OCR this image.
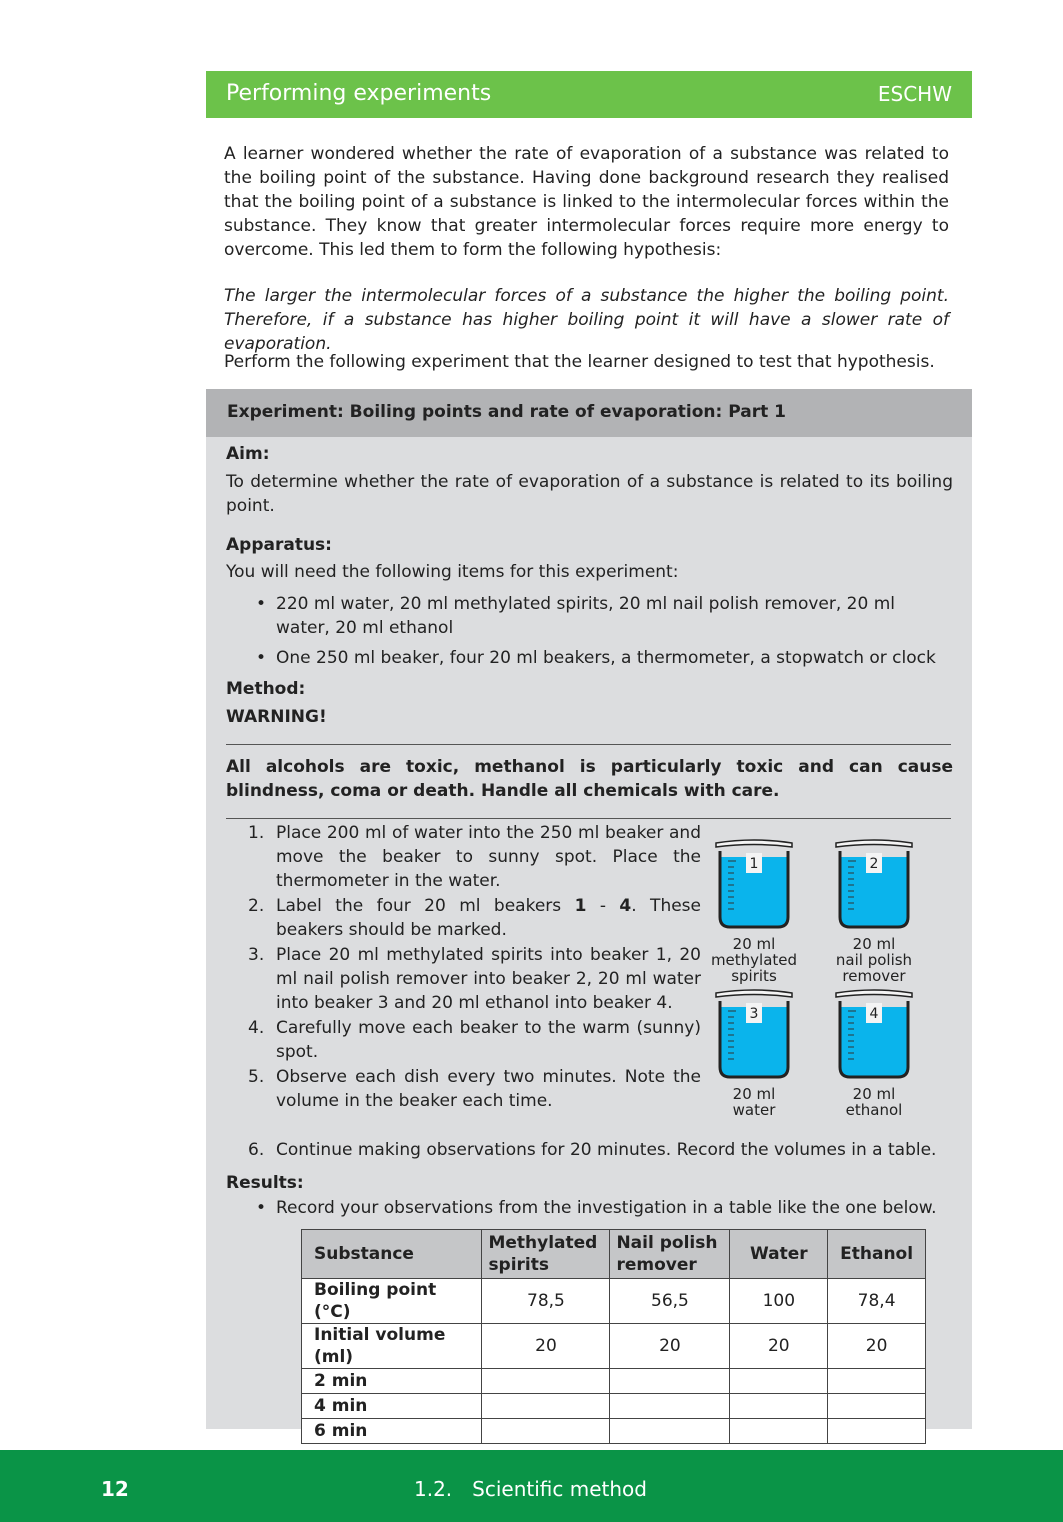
Performing experiments	ESCHW

A learner wondered whether the rate of evaporation of a substance was related to the boiling point of the substance. Having done background research they realised that the boiling point of a substance is linked to the intermolecular forces within the substance. They know that greater intermolecular forces require more energy to overcome. This led them to form the following hypothesis:

The larger the intermolecular forces of a substance the higher the boiling point. Therefore, if a substance has higher boiling point it will have a slower rate of evaporation.

Perform the following experiment that the learner designed to test that hypothesis.

Experiment: Boiling points and rate of evaporation: Part 1

Aim:

To determine whether the rate of evaporation of a substance is related to its boiling point.

Apparatus:

You will need the following items for this experiment:

• 220 ml water, 20 ml methylated spirits, 20 ml nail polish remover, 20 ml water, 20 ml ethanol
• One 250 ml beaker, four 20 ml beakers, a thermometer, a stopwatch or clock

Method:

WARNING!

All alcohols are toxic, methanol is particularly toxic and can cause blindness, coma or death. Handle all chemicals with care.

1. Place 200 ml of water into the 250 ml beaker and move the beaker to sunny spot. Place the thermometer in the water.
2. Label the four 20 ml beakers 1 - 4. These beakers should be marked.
3. Place 20 ml methylated spirits into beaker 1, 20 ml nail polish remover into beaker 2, 20 ml water into beaker 3 and 20 ml ethanol into beaker 4.
4. Carefully move each beaker to the warm (sunny) spot.
5. Observe each dish every two minutes. Note the volume in the beaker each time.
6. Continue making observations for 20 minutes. Record the volumes in a table.
1
20 ml
methylated
spirits
2
20 ml
nail polish
remover
3
20 ml
water
4
20 ml
ethanol

Results:

• Record your observations from the investigation in a table like the one below.

Substance	Methylated spirits	Nail polish remover	Water	Ethanol
Boiling point (°C)	78,5	56,5	100	78,4
Initial volume (ml)	20	20	20	20
2 min				
4 min				
6 min				
12	1.2. Scientific method
